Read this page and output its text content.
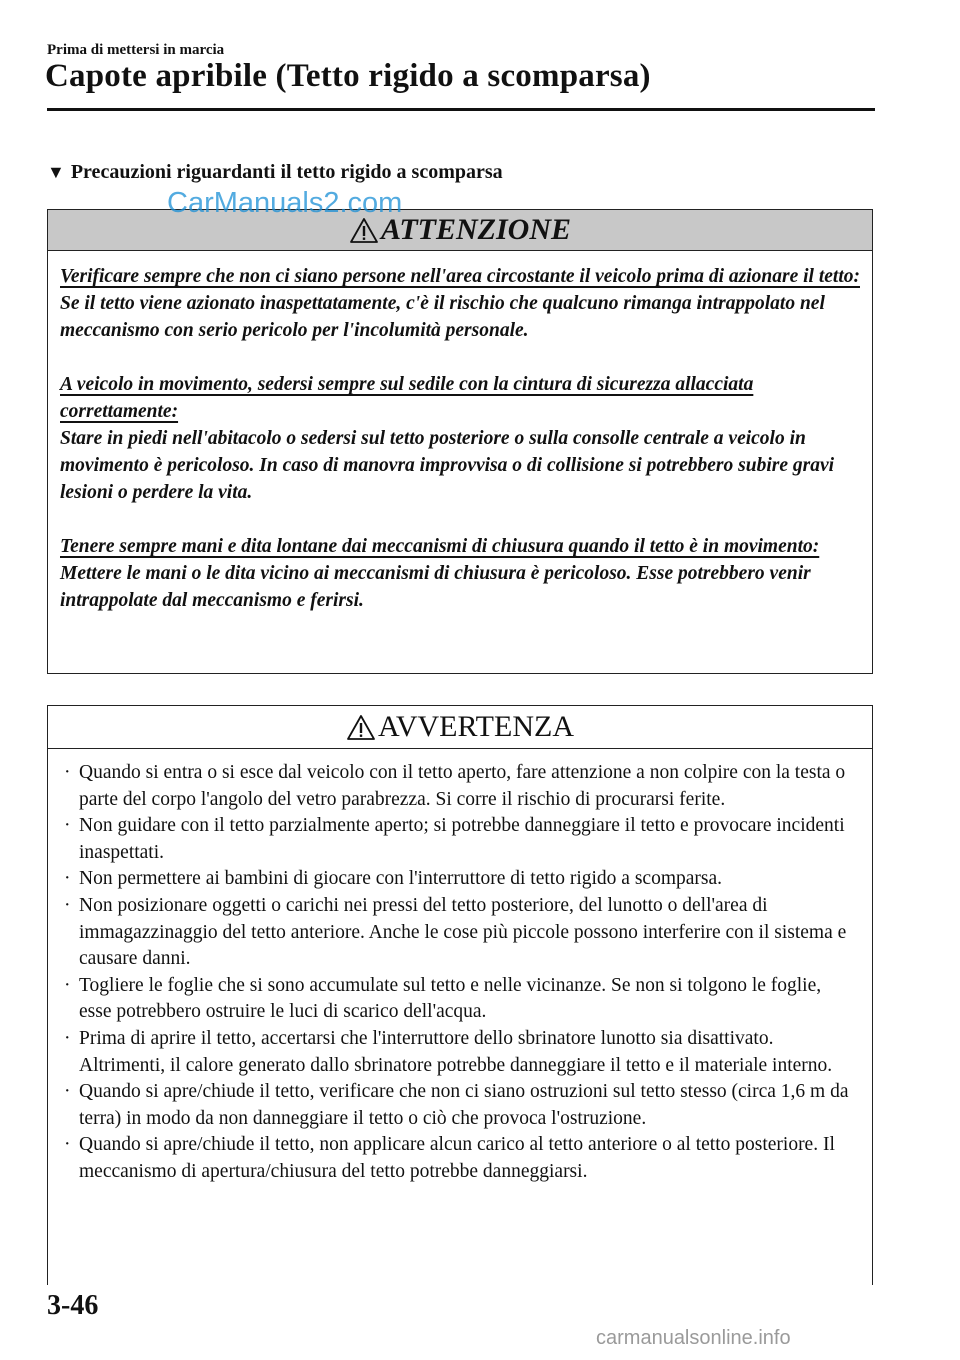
Prima di mettersi in marcia
Capote apribile (Tetto rigido a scomparsa)
▼ Precauzioni riguardanti il tetto rigido a scomparsa
ATTENZIONE
Verificare sempre che non ci siano persone nell'area circostante il veicolo prima di azionare il tetto:
Se il tetto viene azionato inaspettatamente, c'è il rischio che qualcuno rimanga intrappolato nel meccanismo con serio pericolo per l'incolumità personale.
A veicolo in movimento, sedersi sempre sul sedile con la cintura di sicurezza allacciata correttamente:
Stare in piedi nell'abitacolo o sedersi sul tetto posteriore o sulla consolle centrale a veicolo in movimento è pericoloso. In caso di manovra improvvisa o di collisione si potrebbero subire gravi lesioni o perdere la vita.
Tenere sempre mani e dita lontane dai meccanismi di chiusura quando il tetto è in movimento:
Mettere le mani o le dita vicino ai meccanismi di chiusura è pericoloso. Esse potrebbero venir intrappolate dal meccanismo e ferirsi.
AVVERTENZA
· Quando si entra o si esce dal veicolo con il tetto aperto, fare attenzione a non colpire con la testa o parte del corpo l'angolo del vetro parabrezza. Si corre il rischio di procurarsi ferite.
· Non guidare con il tetto parzialmente aperto; si potrebbe danneggiare il tetto e provocare incidenti inaspettati.
· Non permettere ai bambini di giocare con l'interruttore di tetto rigido a scomparsa.
· Non posizionare oggetti o carichi nei pressi del tetto posteriore, del lunotto o dell'area di immagazzinaggio del tetto anteriore. Anche le cose più piccole possono interferire con il sistema e causare danni.
· Togliere le foglie che si sono accumulate sul tetto e nelle vicinanze. Se non si tolgono le foglie, esse potrebbero ostruire le luci di scarico dell'acqua.
· Prima di aprire il tetto, accertarsi che l'interruttore dello sbrinatore lunotto sia disattivato. Altrimenti, il calore generato dallo sbrinatore potrebbe danneggiare il tetto e il materiale interno.
· Quando si apre/chiude il tetto, verificare che non ci siano ostruzioni sul tetto stesso (circa 1,6 m da terra) in modo da non danneggiare il tetto o ciò che provoca l'ostruzione.
· Quando si apre/chiude il tetto, non applicare alcun carico al tetto anteriore o al tetto posteriore. Il meccanismo di apertura/chiusura del tetto potrebbe danneggiarsi.
CarManuals2.com
3-46
carmanualsonline.info
